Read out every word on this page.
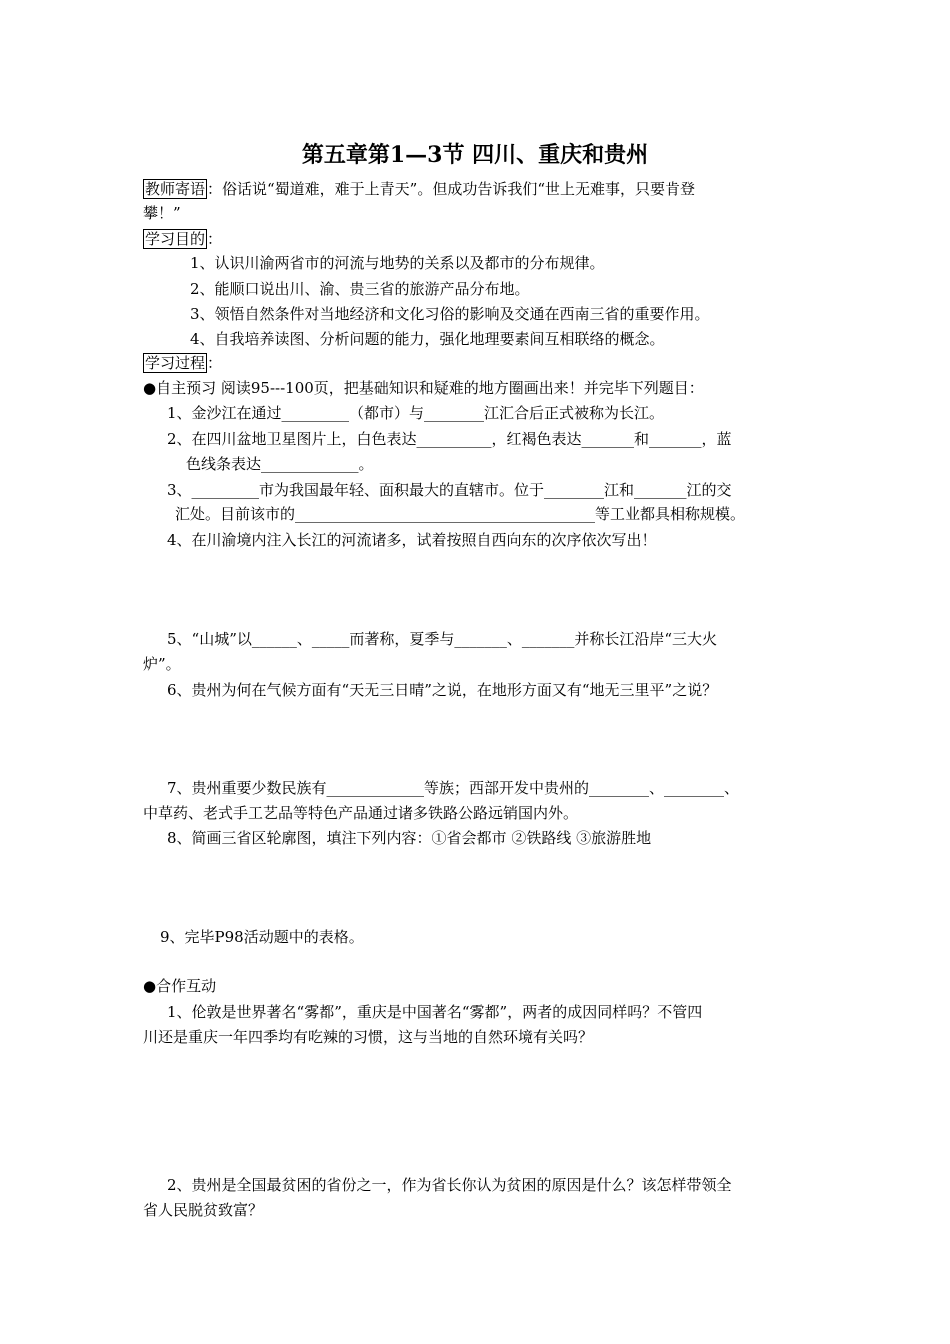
第五章第1—3节 四川、重庆和贵州
教师寄语 ：俗话说“蜀道难，难于上青天”。但成功告诉我们“世上无难事，只要肯登
攀！”
学习目的 ：
1、认识川渝两省市的河流与地势的关系以及都市的分布规律。
2、能顺口说出川、渝、贵三省的旅游产品分布地。
3、领悟自然条件对当地经济和文化习俗的影响及交通在西南三省的重要作用。
4、自我培养读图、分析问题的能力，强化地理要素间互相联络的概念。
学习过程 ：
●自主预习 阅读95---100页，把基础知识和疑难的地方圈画出来！并完毕下列题目：
1、金沙江在通过_________（都市）与________江汇合后正式被称为长江。
2、在四川盆地卫星图片上，白色表达__________，红褐色表达_______和_______，蓝
色线条表达_____________。
3、_________市为我国最年轻、面积最大的直辖市。位于________江和_______江的交
汇处。目前该市的________________________________________等工业都具相称规模。
4、在川渝境内注入长江的河流诸多，试着按照自西向东的次序依次写出！
5、“山城”以______、_____而著称，夏季与_______、_______并称长江沿岸“三大火
炉”。
6、贵州为何在气候方面有“天无三日晴”之说，在地形方面又有“地无三里平”之说？
7、贵州重要少数民族有_____________等族；西部开发中贵州的________、________、
中草药、老式手工艺品等特色产品通过诸多铁路公路远销国内外。
8、简画三省区轮廓图，填注下列内容：①省会都市 ②铁路线 ③旅游胜地
9、完毕P98活动题中的表格。
●合作互动
1、伦敦是世界著名“雾都”，重庆是中国著名“雾都”，两者的成因同样吗？不管四
川还是重庆一年四季均有吃辣的习惯，这与当地的自然环境有关吗？
2、贵州是全国最贫困的省份之一，作为省长你认为贫困的原因是什么？该怎样带领全
省人民脱贫致富？
